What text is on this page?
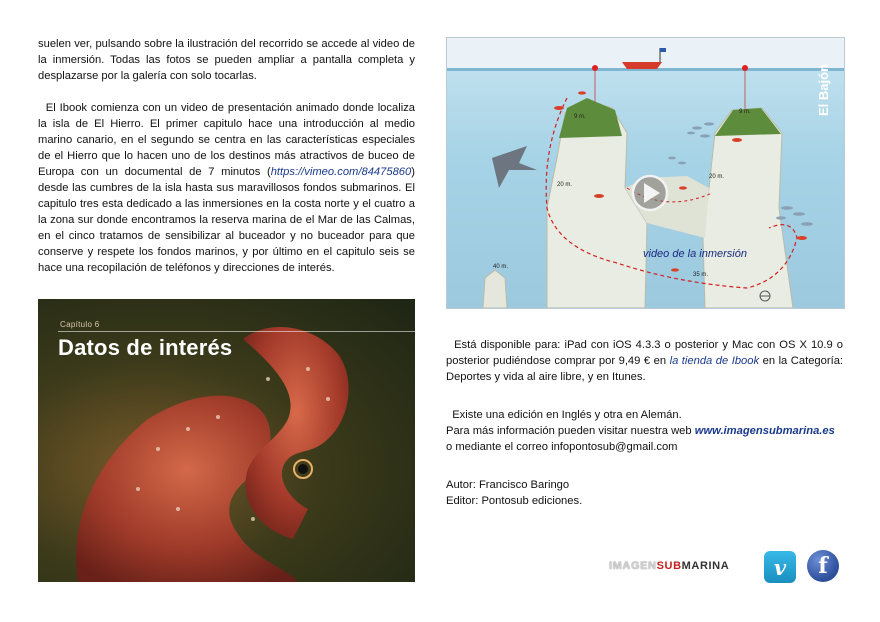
suelen ver, pulsando sobre la ilustración del recorrido se accede al video de la inmersión. Todas las fotos se pueden ampliar a pantalla completa y desplazarse por la galería con solo tocarlas.

El Ibook comienza con un video de presentación animado donde localiza la isla de El Hierro. El primer capitulo hace una introducción al medio marino canario, en el segundo se centra en las características especiales de el Hierro que lo hacen uno de los destinos más atractivos de buceo de Europa con un documental de 7 minutos (https://vimeo.com/84475860) desde las cumbres de la isla hasta sus maravillosos fondos submarinos. El capitulo tres esta dedicado a las inmersiones en la costa norte y el cuatro a la zona sur donde encontramos la reserva marina de el Mar de las Calmas, en el cinco tratamos de sensibilizar al buceador y no buceador para que conserve y respete los fondos marinos, y por último en el capitulo seis se hace una recopilación de teléfonos y direcciones de interés.

9 m.
9 m.
20 m.
20 m.
35 m.
40 m.
video de la inmersión
El Bajón
Capítulo 6
Datos de interés	Está disponible para: iPad con iOS 4.3.3 o posterior y Mac con OS X 10.9 o posterior pudiéndose comprar por 9,49 € en la tienda de Ibook en la Categoría: Deportes y vida al aire libre, y en Itunes.

Existe una edición en Inglés y otra en Alemán.
Para más información pueden visitar nuestra web www.imagensubmarina.es
o mediante el correo infopontosub@gmail.com

Autor: Francisco Baringo
Editor: Pontosub ediciones.

IMAGENSUBMARINA	v	f
